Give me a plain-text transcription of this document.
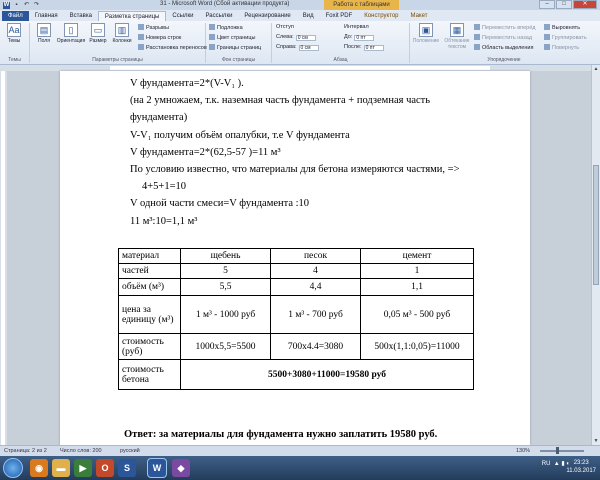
W	▪	↶ ↷	31 - Microsoft Word (Сбой активации продукта)	Работа с таблицами	–	□	✕
Файл	Главная	Вставка	Разметка страницы	Ссылки	Рассылки	Рецензирование	Вид	Foxit PDF	Конструктор	Макет
Aa
Темы
Темы
▤
Поля
▯
Ориентация
▭
Размер
▥
Колонки
Разрывы
Номера строк
Расстановка переносов
Параметры страницы
Подложка
Цвет страницы
Границы страниц
Фон страницы
Отступ
Слева: 0 см
Справа: 0 см
Интервал
До: 0 пт
После: 0 пт
Абзац
▣
Положение
▦
Обтекание текстом
Переместить вперёд
Переместить назад
Область выделения
Выровнять
Группировать
Повернуть
Упорядочение

V фундамента=2*(V-V₁ ).

(на 2 умножаем, т.к. наземная часть фундамента + подземная часть

фундамента)

V-V₁ получим объём опалубки, т.е V фундамента

V фундамента=2*(62,5-57 )=11 м³

По условию известно, что материалы для бетона измеряются частями, =>

4+5+1=10

V одной части смеси=V фундамента :10

11 м³:10=1,1 м³

материал	щебень	песок	цемент
частей	5	4	1
объём (м³)	5,5	4,4	1,1
цена за единицу (м³)	1 м³ - 1000 руб	1 м³ - 700 руб	0,05 м³ - 500 руб
стоимость (руб)	1000х5,5=5500	700х4.4=3080	500х(1,1:0,05)=11000
стоимость бетона	5500+3080+11000=19580 руб		
Ответ: за материалы для фундамента нужно заплатить 19580 руб.
▲
▼
Страница: 2 из 2 Число слов: 200	русский	130%
◉	▬	▶	O	S	W	◆	RU  ▲ ▮ ◐ 23:23
11.03.2017
